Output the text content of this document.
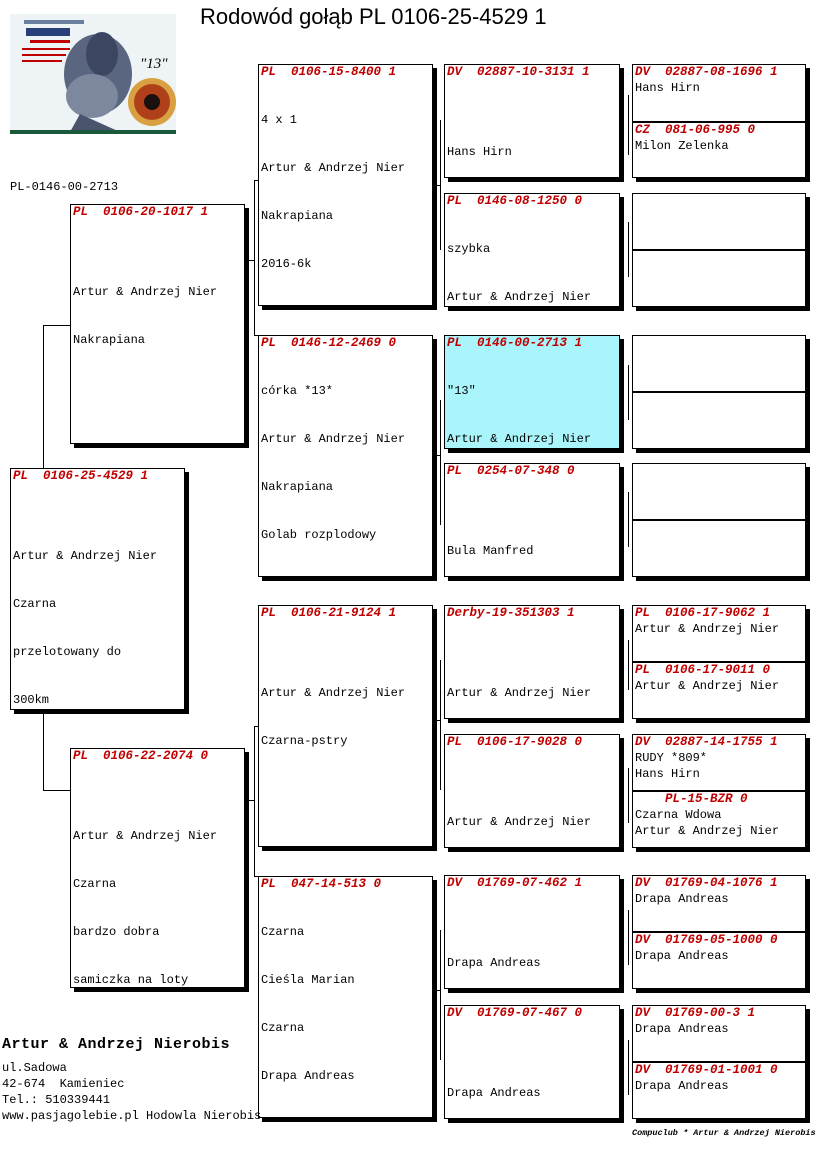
Rodowód gołąb PL 0106-25-4529 1
"13"
PL-0146-00-2713
PL  0106-25-4529 1

Artur & Andrzej Nier

Czarna

przelotowany do

300km

PL  0106-20-1017 1

Artur & Andrzej Nier

Nakrapiana

PL  0106-22-2074 0

Artur & Andrzej Nier

Czarna

bardzo dobra

samiczka na loty

PL  0106-15-8400 1

4 x 1

Artur & Andrzej Nier

Nakrapiana

2016-6k

PL  0146-12-2469 0

córka *13*

Artur & Andrzej Nier

Nakrapiana

Golab rozplodowy

PL  0106-21-9124 1

Artur & Andrzej Nier

Czarna-pstry

PL  047-14-513 0

Czarna

Cieśla Marian

Czarna

Drapa Andreas

DV  02887-10-3131 1

Hans Hirn

PL  0146-08-1250 0

szybka

Artur & Andrzej Nier

PL  0146-00-2713 1

"13"

Artur & Andrzej Nier

PL  0254-07-348 0

Bula Manfred

Derby-19-351303 1

Artur & Andrzej Nier

PL  0106-17-9028 0

Artur & Andrzej Nier

DV  01769-07-462 1

Drapa Andreas

DV  01769-07-467 0

Drapa Andreas

DV  02887-08-1696 1
Hans Hirn
CZ  081-06-995 0
Milon Zelenka
PL  0106-17-9062 1
Artur & Andrzej Nier
PL  0106-17-9011 0
Artur & Andrzej Nier
DV  02887-14-1755 1
RUDY *809*
Hans Hirn
PL-15-BZR 0
Czarna Wdowa
Artur & Andrzej Nier
DV  01769-04-1076 1
Drapa Andreas
DV  01769-05-1000 0
Drapa Andreas
DV  01769-00-3 1
Drapa Andreas
DV  01769-01-1001 0
Drapa Andreas
Artur & Andrzej Nierobis
ul.Sadowa
42-674  Kamieniec
Tel.: 510339441
www.pasjagolebie.pl Hodowla Nierobis
Compuclub * Artur & Andrzej Nierobis
